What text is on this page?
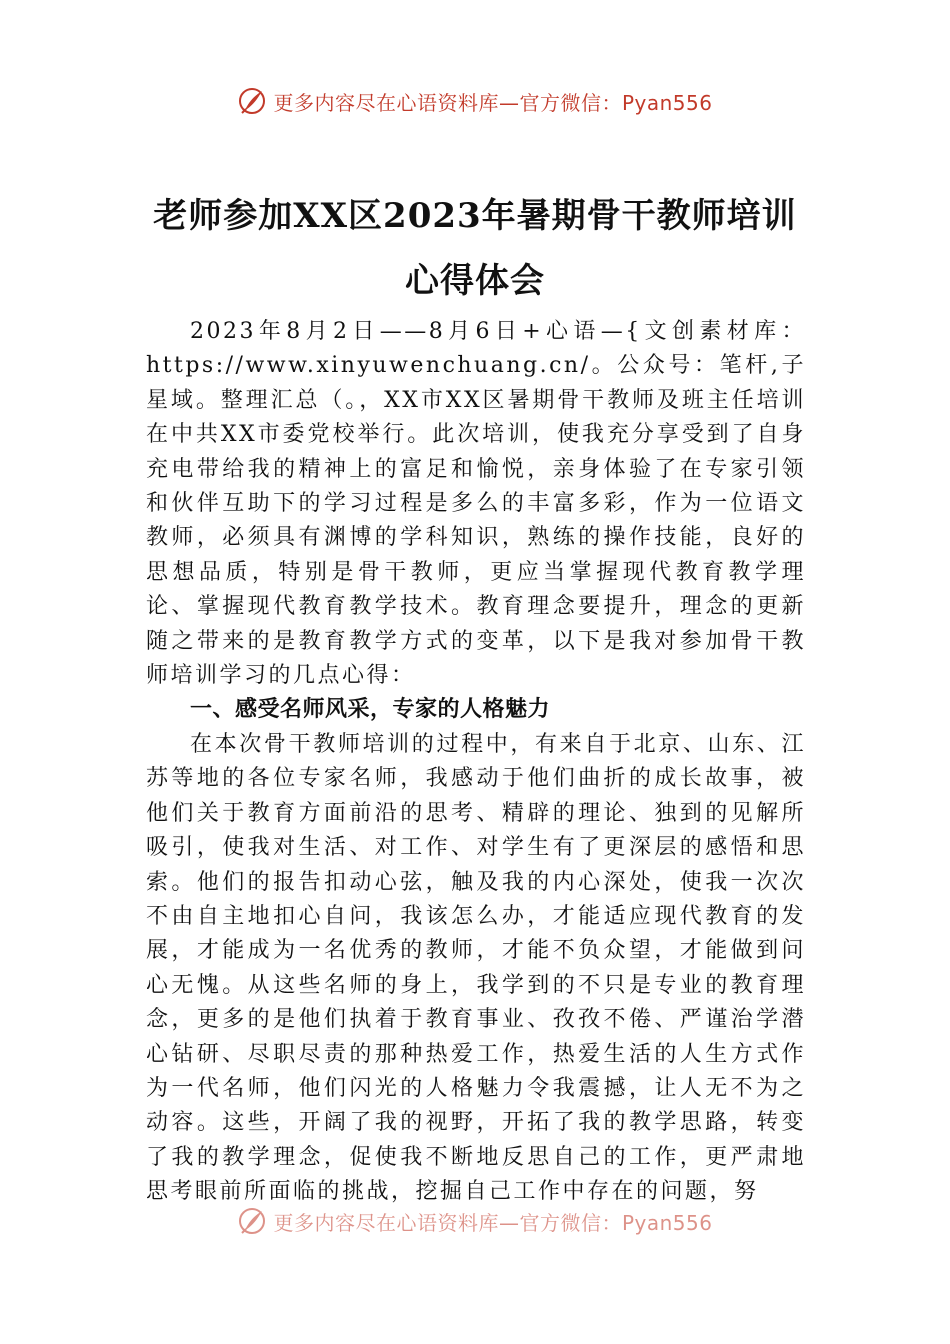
更多内容尽在心语资料库—官方微信：Pyan556
老师参加XX区2023年暑期骨干教师培训
心得体会

2023年8月2日——8月6日+心语—{文创素材库：https://www.xinyuwenchuang.cn/。公众号：笔杆,子星域。整理汇总（。，XX市XX区暑期骨干教师及班主任培训在中共XX市委党校举行。此次培训，使我充分享受到了自身充电带给我的精神上的富足和愉悦，亲身体验了在专家引领和伙伴互助下的学习过程是多么的丰富多彩，作为一位语文教师，必须具有渊博的学科知识，熟练的操作技能，良好的思想品质，特别是骨干教师，更应当掌握现代教育教学理论、掌握现代教育教学技术。教育理念要提升，理念的更新随之带来的是教育教学方式的变革，以下是我对参加骨干教师培训学习的几点心得：

一、感受名师风采，专家的人格魅力

在本次骨干教师培训的过程中，有来自于北京、山东、江苏等地的各位专家名师，我感动于他们曲折的成长故事，被他们关于教育方面前沿的思考、精辟的理论、独到的见解所吸引，使我对生活、对工作、对学生有了更深层的感悟和思索。他们的报告扣动心弦，触及我的内心深处，使我一次次不由自主地扣心自问，我该怎么办，才能适应现代教育的发展，才能成为一名优秀的教师，才能不负众望，才能做到问心无愧。从这些名师的身上，我学到的不只是专业的教育理念，更多的是他们执着于教育事业、孜孜不倦、严谨治学潜心钻研、尽职尽责的那种热爱工作，热爱生活的人生方式作为一代名师，他们闪光的人格魅力令我震撼，让人无不为之动容。这些，开阔了我的视野，开拓了我的教学思路，转变了我的教学理念，促使我不断地反思自己的工作，更严肃地思考眼前所面临的挑战，挖掘自己工作中存在的问题，努

更多内容尽在心语资料库—官方微信：Pyan556
